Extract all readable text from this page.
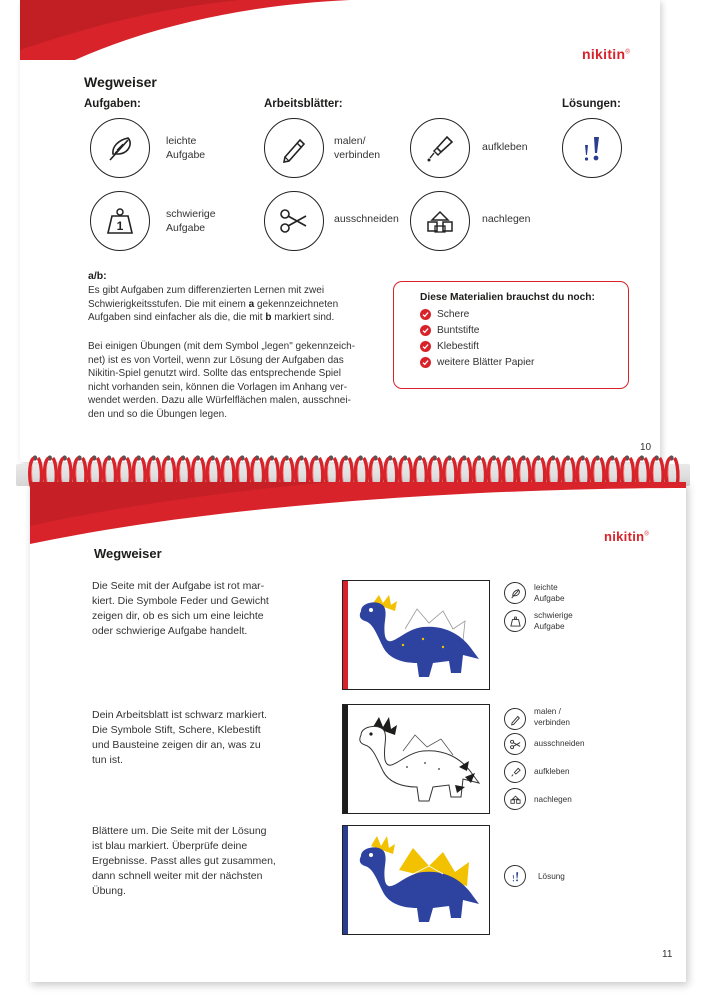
nikitin®
Wegweiser
Aufgaben:	Arbeitsblätter:	Lösungen:
leichte
Aufgabe
1
schwierige
Aufgabe
malen/
verbinden
ausschneiden
aufkleben
nachlegen
a/b:
Es gibt Aufgaben zum differenzierten Lernen mit zwei
Schwierigkeitsstufen. Die mit einem a gekennzeichneten
Aufgaben sind einfacher als die, die mit b markiert sind.
Bei einigen Übungen (mit dem Symbol „legen" gekennzeich-
net) ist es von Vorteil, wenn zur Lösung der Aufgaben das
Nikitin-Spiel genutzt wird. Sollte das entsprechende Spiel
nicht vorhanden sein, können die Vorlagen im Anhang ver-
wendet werden. Dazu alle Würfelflächen malen, ausschnei-
den und so die Übungen legen.
Diese Materialien brauchst du noch:
Schere
Buntstifte
Klebestift
weitere Blätter Papier
10
nikitin®
Wegweiser
Die Seite mit der Aufgabe ist rot mar-
kiert. Die Symbole Feder und Gewicht
zeigen dir, ob es sich um eine leichte
oder schwierige Aufgabe handelt.
Dein Arbeitsblatt ist schwarz markiert.
Die Symbole Stift, Schere, Klebestift
und Bausteine zeigen dir an, was zu
tun ist.
Blättere um. Die Seite mit der Lösung
ist blau markiert. Überprüfe deine
Ergebnisse. Passt alles gut zusammen,
dann schnell weiter mit der nächsten
Übung.
leichte
Aufgabe
schwierige
Aufgabe
malen /
verbinden
ausschneiden
aufkleben
nachlegen
Lösung
11
